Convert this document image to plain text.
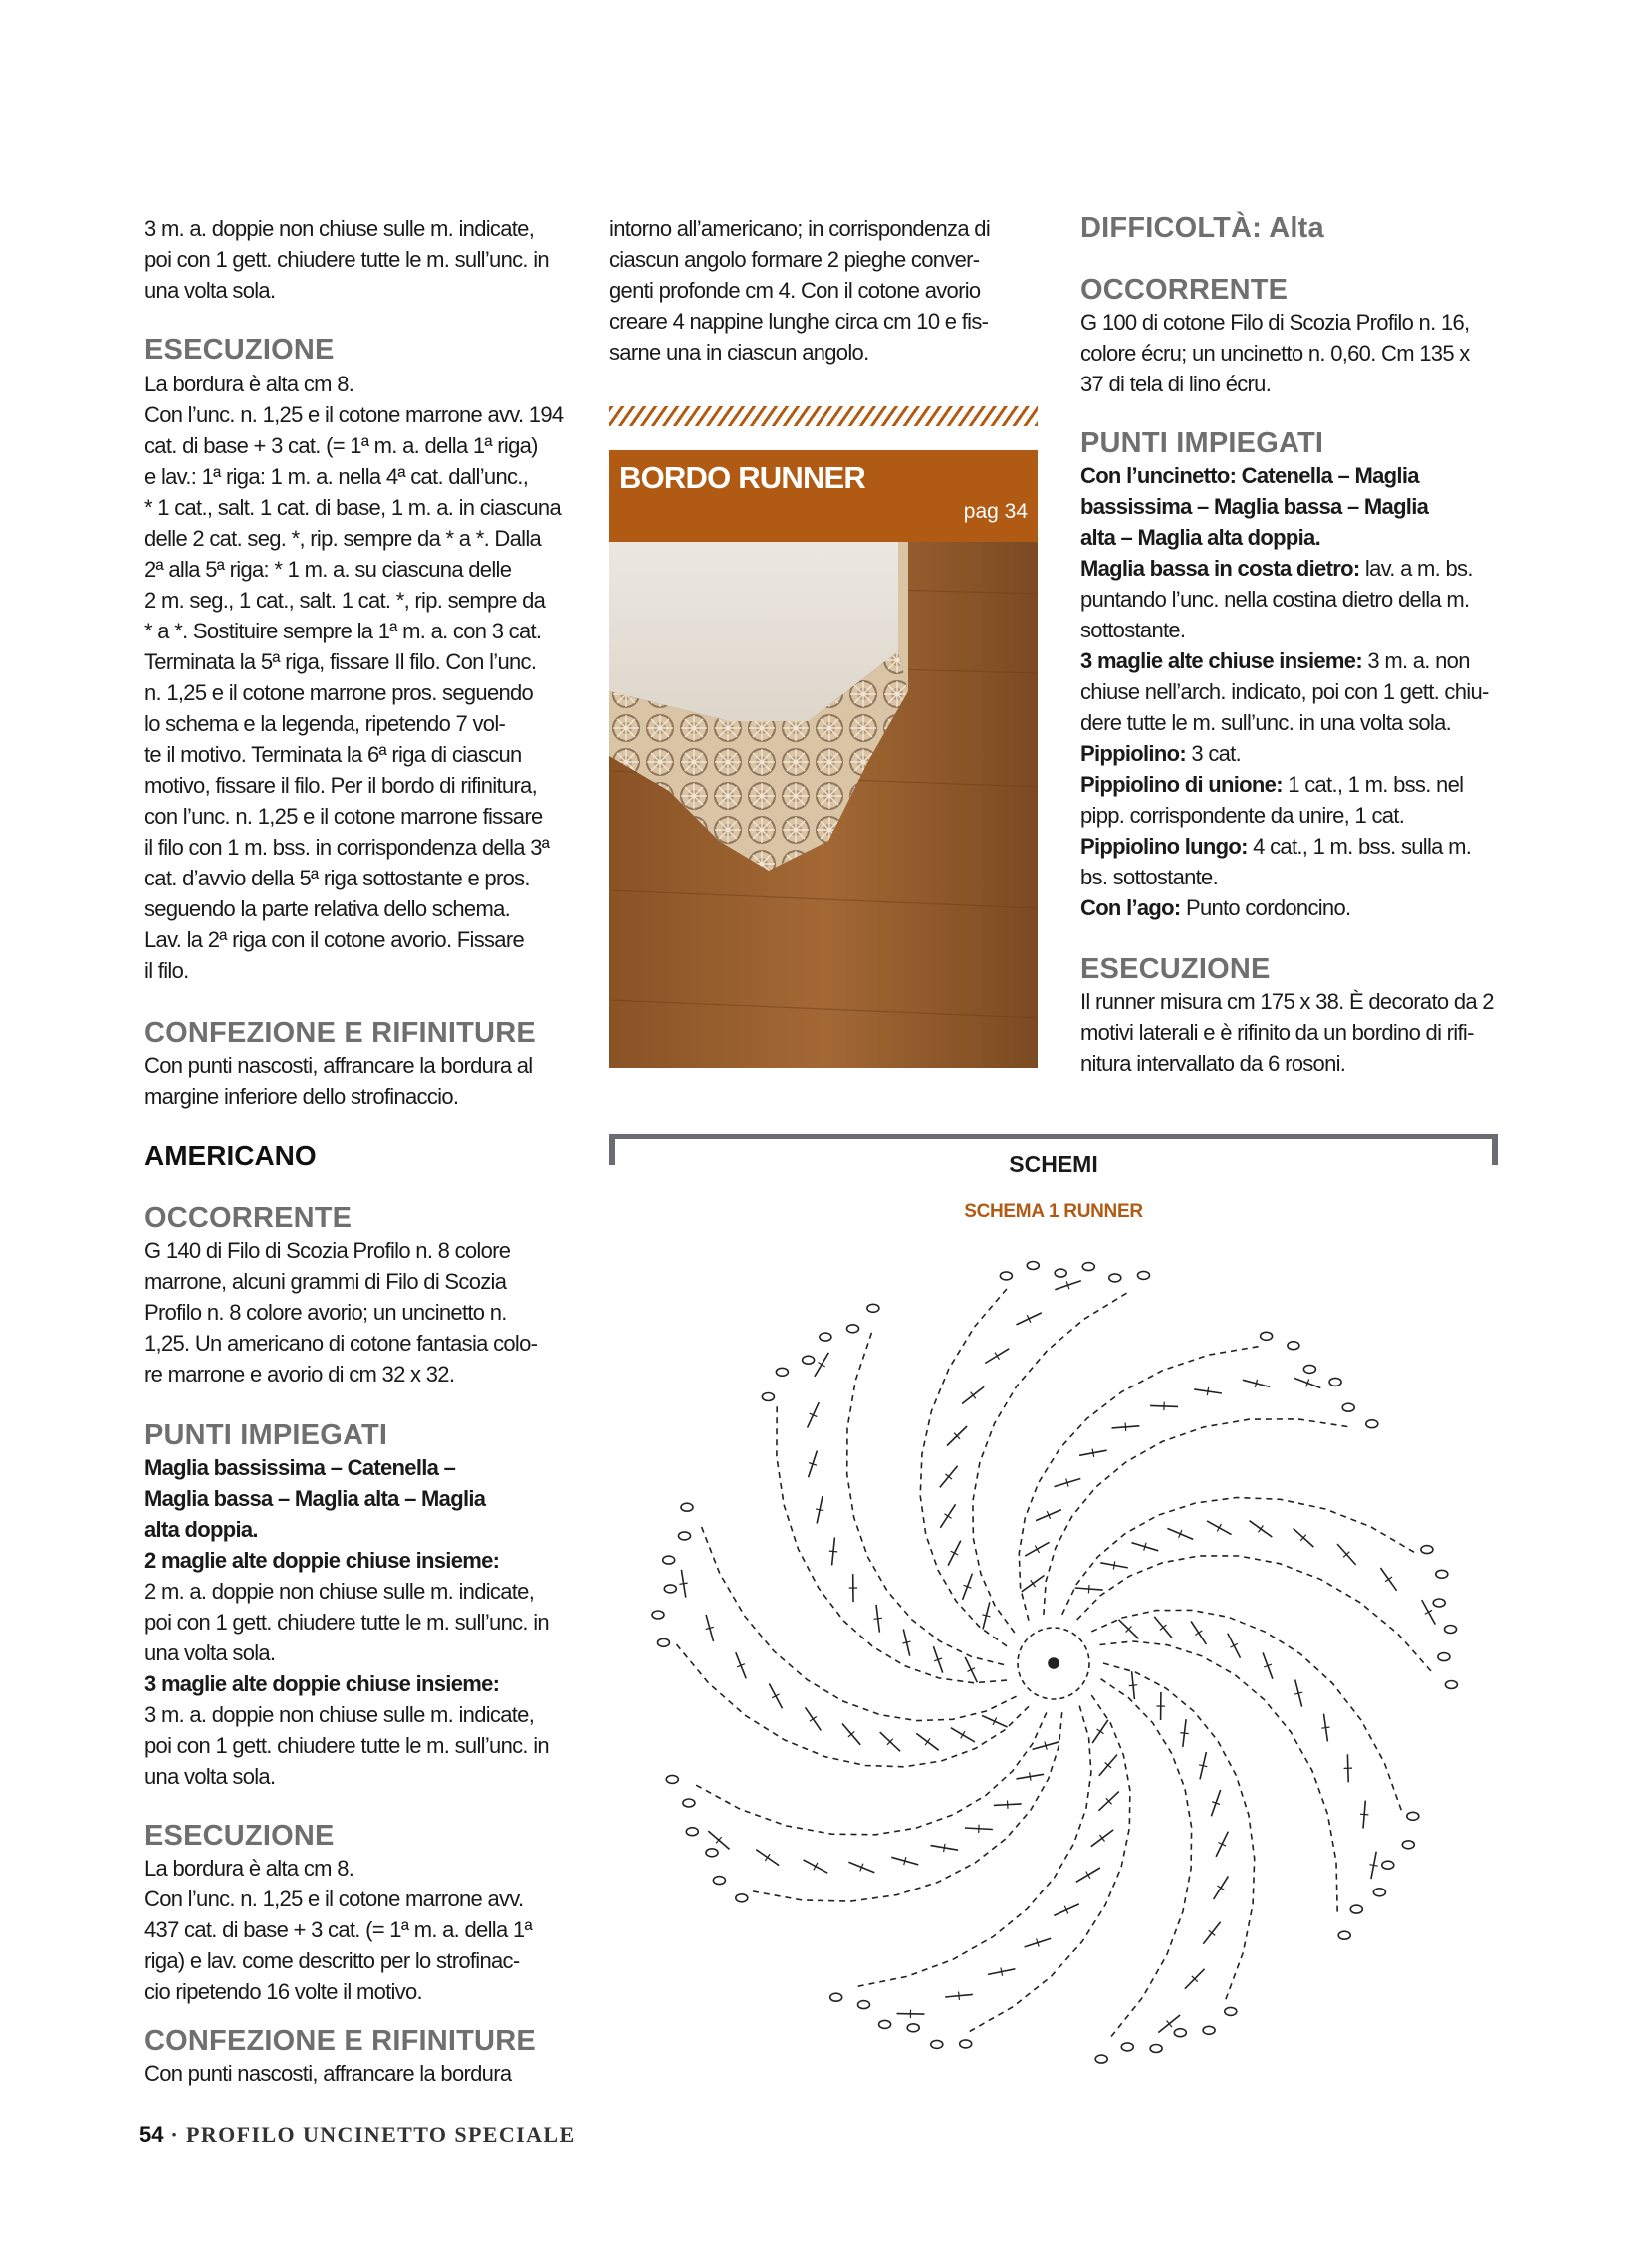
3 m. a. doppie non chiuse sulle m. indicate,

poi con 1 gett. chiudere tutte le m. sull’unc. in

una volta sola.

ESECUZIONE

La bordura è alta cm 8.

Con l’unc. n. 1,25 e il cotone marrone avv. 194

cat. di base + 3 cat. (= 1ª m. a. della 1ª riga)

e lav.: 1ª riga: 1 m. a. nella 4ª cat. dall’unc.,

* 1 cat., salt. 1 cat. di base, 1 m. a. in ciascuna

delle 2 cat. seg. *, rip. sempre da * a *. Dalla

2ª alla 5ª riga: * 1 m. a. su ciascuna delle

2 m. seg., 1 cat., salt. 1 cat. *, rip. sempre da

* a *. Sostituire sempre la 1ª m. a. con 3 cat.

Terminata la 5ª riga, fissare Il filo. Con l’unc.

n. 1,25 e il cotone marrone pros. seguendo

lo schema e la legenda, ripetendo 7 vol-

te il motivo. Terminata la 6ª riga di ciascun

motivo, fissare il filo. Per il bordo di rifinitura,

con l’unc. n. 1,25 e il cotone marrone fissare

il filo con 1 m. bss. in corrispondenza della 3ª

cat. d’avvio della 5ª riga sottostante e pros.

seguendo la parte relativa dello schema.

Lav. la 2ª riga con il cotone avorio. Fissare

il filo.

CONFEZIONE E RIFINITURE

Con punti nascosti, affrancare la bordura al

margine inferiore dello strofinaccio.

AMERICANO
OCCORRENTE

G 140 di Filo di Scozia Profilo n. 8 colore

marrone, alcuni grammi di Filo di Scozia

Profilo n. 8 colore avorio; un uncinetto n.

1,25. Un americano di cotone fantasia colo-

re marrone e avorio di cm 32 x 32.

PUNTI IMPIEGATI

Maglia bassissima – Catenella –

Maglia bassa – Maglia alta – Maglia

alta doppia.

2 maglie alte doppie chiuse insieme:

2 m. a. doppie non chiuse sulle m. indicate,

poi con 1 gett. chiudere tutte le m. sull’unc. in

una volta sola.

3 maglie alte doppie chiuse insieme:

3 m. a. doppie non chiuse sulle m. indicate,

poi con 1 gett. chiudere tutte le m. sull’unc. in

una volta sola.

ESECUZIONE

La bordura è alta cm 8.

Con l’unc. n. 1,25 e il cotone marrone avv.

437 cat. di base + 3 cat. (= 1ª m. a. della 1ª

riga) e lav. come descritto per lo strofinac-

cio ripetendo 16 volte il motivo.

CONFEZIONE E RIFINITURE

Con punti nascosti, affrancare la bordura

intorno all’americano; in corrispondenza di

ciascun angolo formare 2 pieghe conver-

genti profonde cm 4. Con il cotone avorio

creare 4 nappine lunghe circa cm 10 e fis-

sarne una in ciascun angolo.

BORDO RUNNER
pag 34
DIFFICOLTÀ: Alta
OCCORRENTE

G 100 di cotone Filo di Scozia Profilo n. 16,

colore écru; un uncinetto n. 0,60. Cm 135 x

37 di tela di lino écru.

PUNTI IMPIEGATI

Con l’uncinetto: Catenella – Maglia

bassissima – Maglia bassa – Maglia

alta – Maglia alta doppia.

Maglia bassa in costa dietro: lav. a m. bs.

puntando l’unc. nella costina dietro della m.

sottostante.

3 maglie alte chiuse insieme: 3 m. a. non

chiuse nell’arch. indicato, poi con 1 gett. chiu-

dere tutte le m. sull’unc. in una volta sola.

Pippiolino: 3 cat.

Pippiolino di unione: 1 cat., 1 m. bss. nel

pipp. corrispondente da unire, 1 cat.

Pippiolino lungo: 4 cat., 1 m. bss. sulla m.

bs. sottostante.

Con l’ago: Punto cordoncino.

ESECUZIONE

Il runner misura cm 175 x 38. È decorato da 2

motivi laterali e è rifinito da un bordino di rifi-

nitura intervallato da 6 rosoni.

SCHEMI
SCHEMA 1 RUNNER
54 · PROFILO UNCINETTO SPECIALE
